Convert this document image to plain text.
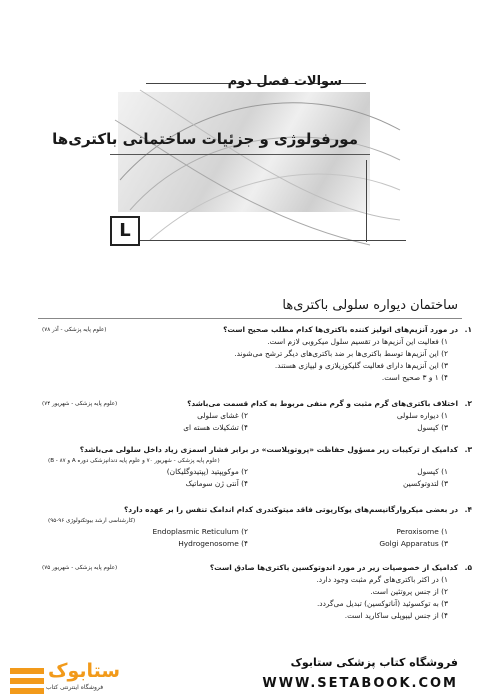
سوالات فصل دوم
مورفولوژی و جزئیات ساختمانی باکتری‌ها
L
ساختمان دیواره سلولی باکتری‌ها
۱.
(علوم پایه پزشکی - آذر ۷۸)	در مورد آنزیم‌های اتولیز کننده باکتری‌ها کدام مطلب صحیح است؟
۱) فعالیت این آنزیم‌ها در تقسیم سلول میکروبی لازم است.
۲) این آنزیم‌ها توسط باکتری‌ها بر ضد باکتری‌های دیگر ترشح می‌شوند.
۳) این آنزیم‌ها دارای فعالیت گلیکوزیلازی و لیپازی هستند.
۴) ۱ و ۳ صحیح است.
۲.
(علوم پایه پزشکی - شهریور ۷۴)	اختلاف باکتری‌های گرم مثبت و گرم منفی مربوط به کدام قسمت می‌باشد؟
۱) دیواره سلولی
۲) غشای سلولی
۳) کپسول
۴) تشکیلات هسته ای
۳.
کدامیک از ترکیبات زیر مسؤول حفاظت «پروتوپلاست» در برابر فشار اسمزی زیاد داخل سلولی می‌باشد؟
(علوم پایه پزشکی - شهریور ۷۰ و علوم پایه دندانپزشکی دوره A و B - ۸۷)
۱) کپسول
۲) موکوپپتید (پپتیدوگلیکان)
۳) لتدوتوکسین
۴) آنتی ژن سوماتیک
۴.
در بعضی میکروارگانیسم‌های یوکاریوتی فاقد میتوکندری کدام اندامک تنفس را بر عهده دارد؟
(کارشناسی ارشد بیوتکنولوژی ۹۶-۹۵)
Peroxisome (۱
Endoplasmic Reticulum (۲
Golgi Apparatus (۳
Hydrogenosome (۴
۵.
(علوم پایه پزشکی - شهریور ۷۵)	کدامیک از خصوصیات زیر در مورد اندوتوکسین باکتری‌ها صادق است؟
۱) در اکثر باکتری‌های گرم مثبت وجود دارد.
۲) از جنس پروتئین است.
۳) به توکسوئید (آناتوکسین) تبدیل می‌گردد.
۴) از جنس لیپوپلی ساکارید است.
ستابوک
فروشگاه اینترنتی کتاب
فروشگاه کتاب پزشکی ستابوک
WWW.SETABOOK.COM
